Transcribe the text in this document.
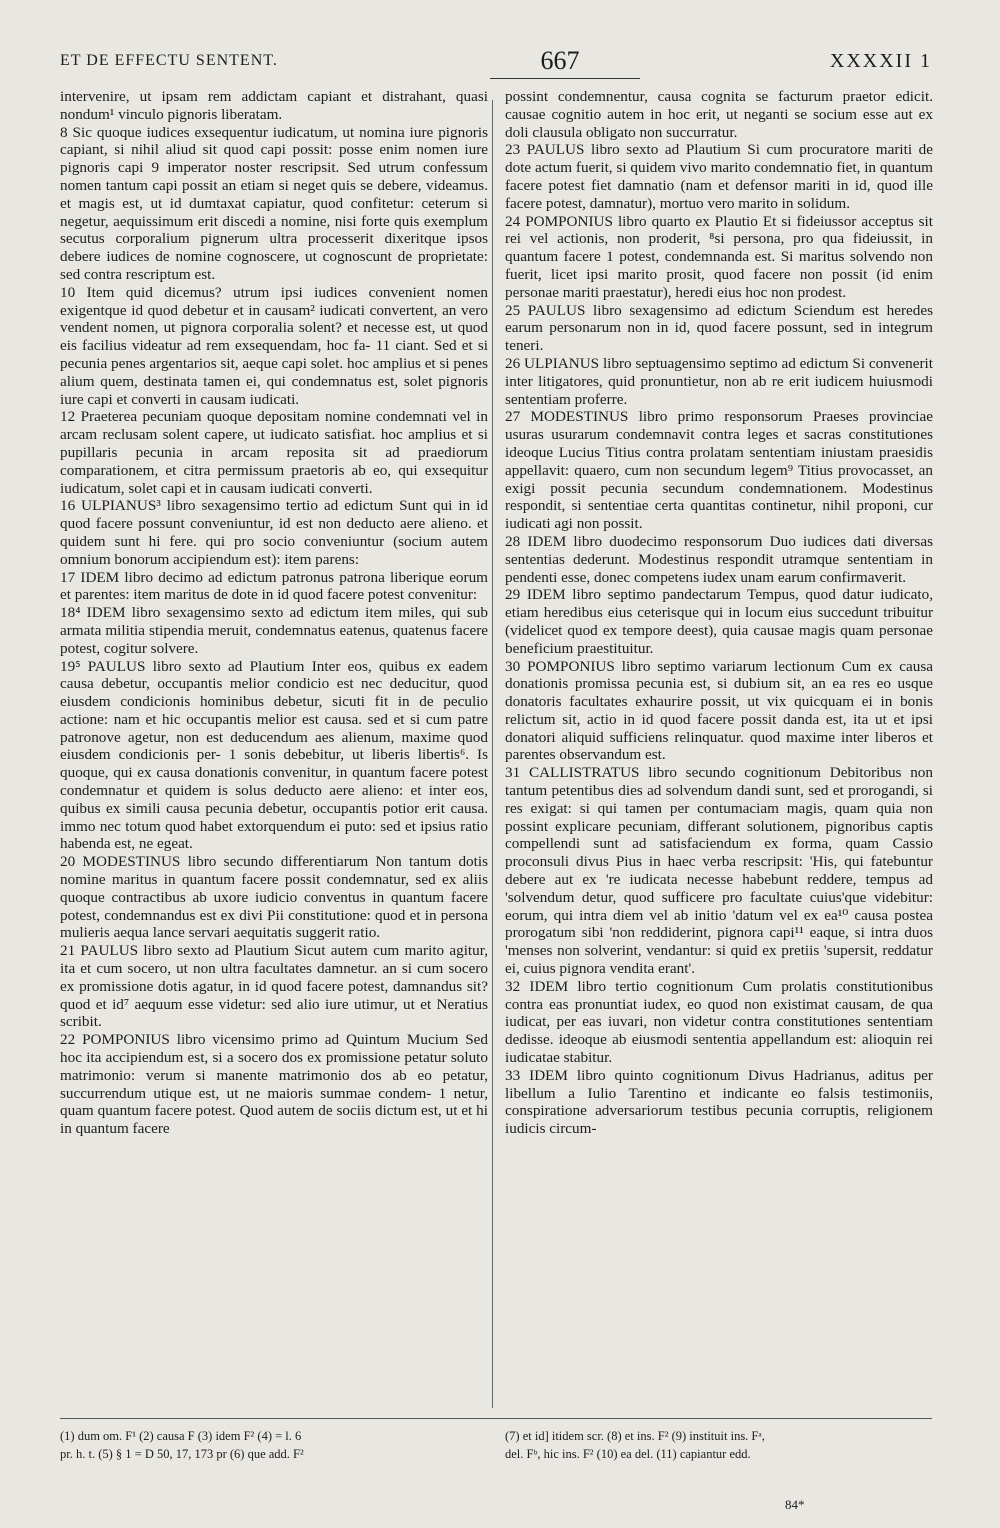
ET DE EFFECTU SENTENT.	667	XXXXII 1

intervenire, ut ipsam rem addictam capiant et distrahant, quasi nondum¹ vinculo pignoris liberatam.

8 Sic quoque iudices exsequentur iudicatum, ut nomina iure pignoris capiant, si nihil aliud sit quod capi possit: posse enim nomen iure pignoris capi 9 imperator noster rescripsit. Sed utrum confessum nomen tantum capi possit an etiam si neget quis se debere, videamus. et magis est, ut id dumtaxat capiatur, quod confitetur: ceterum si negetur, aequissimum erit discedi a nomine, nisi forte quis exemplum secutus corporalium pignerum ultra processerit dixeritque ipsos debere iudices de nomine cognoscere, ut cognoscunt de proprietate: sed contra rescriptum est.

10 Item quid dicemus? utrum ipsi iudices convenient nomen exigentque id quod debetur et in causam² iudicati convertent, an vero vendent nomen, ut pignora corporalia solent? et necesse est, ut quod eis facilius videatur ad rem exsequendam, hoc fa- 11 ciant. Sed et si pecunia penes argentarios sit, aeque capi solet. hoc amplius et si penes alium quem, destinata tamen ei, qui condemnatus est, solet pignoris iure capi et converti in causam iudicati.

12 Praeterea pecuniam quoque depositam nomine condemnati vel in arcam reclusam solent capere, ut iudicato satisfiat. hoc amplius et si pupillaris pecunia in arcam reposita sit ad praediorum comparationem, et citra permissum praetoris ab eo, qui exsequitur iudicatum, solet capi et in causam iudicati converti.

16 ULPIANUS³ libro sexagensimo tertio ad edictum Sunt qui in id quod facere possunt conveniuntur, id est non deducto aere alieno. et quidem sunt hi fere. qui pro socio conveniuntur (socium autem omnium bonorum accipiendum est): item parens:

17 IDEM libro decimo ad edictum patronus patrona liberique eorum et parentes: item maritus de dote in id quod facere potest convenitur:

18⁴ IDEM libro sexagensimo sexto ad edictum item miles, qui sub armata militia stipendia meruit, condemnatus eatenus, quatenus facere potest, cogitur solvere.

19⁵ PAULUS libro sexto ad Plautium Inter eos, quibus ex eadem causa debetur, occupantis melior condicio est nec deducitur, quod eiusdem condicionis hominibus debetur, sicuti fit in de peculio actione: nam et hic occupantis melior est causa. sed et si cum patre patronove agetur, non est deducendum aes alienum, maxime quod eiusdem condicionis per- 1 sonis debebitur, ut liberis libertis⁶. Is quoque, qui ex causa donationis convenitur, in quantum facere potest condemnatur et quidem is solus deducto aere alieno: et inter eos, quibus ex simili causa pecunia debetur, occupantis potior erit causa. immo nec totum quod habet extorquendum ei puto: sed et ipsius ratio habenda est, ne egeat.

20 MODESTINUS libro secundo differentiarum Non tantum dotis nomine maritus in quantum facere possit condemnatur, sed ex aliis quoque contractibus ab uxore iudicio conventus in quantum facere potest, condemnandus est ex divi Pii constitutione: quod et in persona mulieris aequa lance servari aequitatis suggerit ratio.

21 PAULUS libro sexto ad Plautium Sicut autem cum marito agitur, ita et cum socero, ut non ultra facultates damnetur. an si cum socero ex promissione dotis agatur, in id quod facere potest, damnandus sit? quod et id⁷ aequum esse videtur: sed alio iure utimur, ut et Neratius scribit.

22 POMPONIUS libro vicensimo primo ad Quintum Mucium Sed hoc ita accipiendum est, si a socero dos ex promissione petatur soluto matrimonio: verum si manente matrimonio dos ab eo petatur, succurrendum utique est, ut ne maioris summae condem- 1 netur, quam quantum facere potest. Quod autem de sociis dictum est, ut et hi in quantum facere

possint condemnentur, causa cognita se facturum praetor edicit. causae cognitio autem in hoc erit, ut neganti se socium esse aut ex doli clausula obligato non succurratur.

23 PAULUS libro sexto ad Plautium Si cum procuratore mariti de dote actum fuerit, si quidem vivo marito condemnatio fiet, in quantum facere potest fiet damnatio (nam et defensor mariti in id, quod ille facere potest, damnatur), mortuo vero marito in solidum.

24 POMPONIUS libro quarto ex Plautio Et si fideiussor acceptus sit rei vel actionis, non proderit, ⁸si persona, pro qua fideiussit, in quantum facere 1 potest, condemnanda est. Si maritus solvendo non fuerit, licet ipsi marito prosit, quod facere non possit (id enim personae mariti praestatur), heredi eius hoc non prodest.

25 PAULUS libro sexagensimo ad edictum Sciendum est heredes earum personarum non in id, quod facere possunt, sed in integrum teneri.

26 ULPIANUS libro septuagensimo septimo ad edictum Si convenerit inter litigatores, quid pronuntietur, non ab re erit iudicem huiusmodi sententiam proferre.

27 MODESTINUS libro primo responsorum Praeses provinciae usuras usurarum condemnavit contra leges et sacras constitutiones ideoque Lucius Titius contra prolatam sententiam iniustam praesidis appellavit: quaero, cum non secundum legem⁹ Titius provocasset, an exigi possit pecunia secundum condemnationem. Modestinus respondit, si sententiae certa quantitas continetur, nihil proponi, cur iudicati agi non possit.

28 IDEM libro duodecimo responsorum Duo iudices dati diversas sententias dederunt. Modestinus respondit utramque sententiam in pendenti esse, donec competens iudex unam earum confirmaverit.

29 IDEM libro septimo pandectarum Tempus, quod datur iudicato, etiam heredibus eius ceterisque qui in locum eius succedunt tribuitur (videlicet quod ex tempore deest), quia causae magis quam personae beneficium praestituitur.

30 POMPONIUS libro septimo variarum lectionum Cum ex causa donationis promissa pecunia est, si dubium sit, an ea res eo usque donatoris facultates exhaurire possit, ut vix quicquam ei in bonis relictum sit, actio in id quod facere possit danda est, ita ut et ipsi donatori aliquid sufficiens relinquatur. quod maxime inter liberos et parentes observandum est.

31 CALLISTRATUS libro secundo cognitionum Debitoribus non tantum petentibus dies ad solvendum dandi sunt, sed et prorogandi, si res exigat: si qui tamen per contumaciam magis, quam quia non possint explicare pecuniam, differant solutionem, pignoribus captis compellendi sunt ad satisfaciendum ex forma, quam Cassio proconsuli divus Pius in haec verba rescripsit: 'His, qui fatebuntur debere aut ex 're iudicata necesse habebunt reddere, tempus ad 'solvendum detur, quod sufficere pro facultate cuius'que videbitur: eorum, qui intra diem vel ab initio 'datum vel ex ea¹⁰ causa postea prorogatum sibi 'non reddiderint, pignora capi¹¹ eaque, si intra duos 'menses non solverint, vendantur: si quid ex pretiis 'supersit, reddatur ei, cuius pignora vendita erant'.

32 IDEM libro tertio cognitionum Cum prolatis constitutionibus contra eas pronuntiat iudex, eo quod non existimat causam, de qua iudicat, per eas iuvari, non videtur contra constitutiones sententiam dedisse. ideoque ab eiusmodi sententia appellandum est: alioquin rei iudicatae stabitur.

33 IDEM libro quinto cognitionum Divus Hadrianus, aditus per libellum a Iulio Tarentino et indicante eo falsis testimoniis, conspiratione adversariorum testibus pecunia corruptis, religionem iudicis circum-

(1) dum om. F¹ (2) causa F (3) idem F² (4) = l. 6

pr. h. t. (5) § 1 = D 50, 17, 173 pr (6) que add. F²

(7) et id] itidem scr. (8) et ins. F² (9) instituit ins. Fᵃ,

del. Fᵇ, hic ins. F² (10) ea del. (11) capiantur edd.

84*
